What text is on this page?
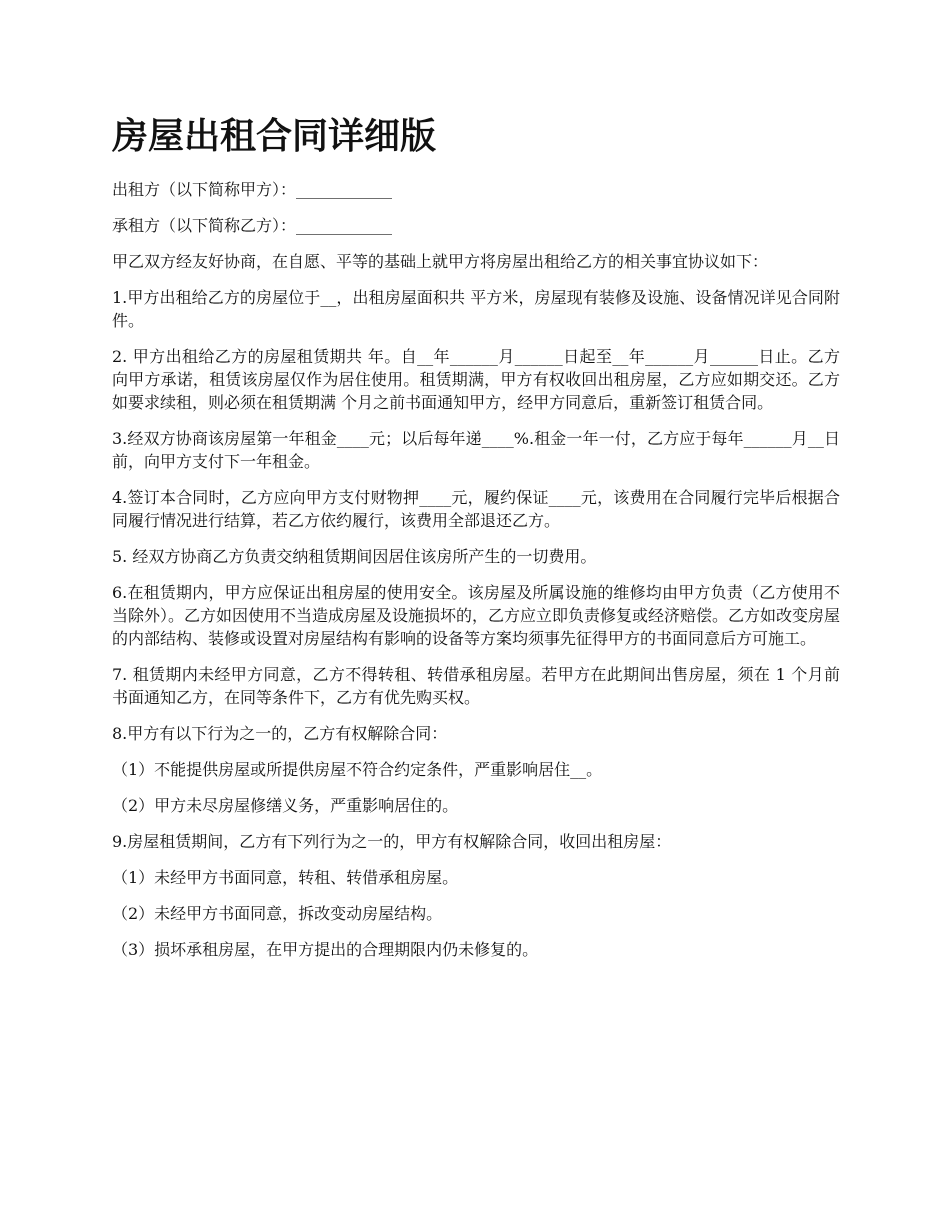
房屋出租合同详细版

出租方（以下简称甲方）：____________

承租方（以下简称乙方）：____________

甲乙双方经友好协商，在自愿、平等的基础上就甲方将房屋出租给乙方的相关事宜协议如下：

1.甲方出租给乙方的房屋位于__，出租房屋面积共 平方米，房屋现有装修及设施、设备情况详见合同附件。

2. 甲方出租给乙方的房屋租赁期共 年。自__年______月______日起至__年______月______日止。乙方向甲方承诺，租赁该房屋仅作为居住使用。租赁期满，甲方有权收回出租房屋，乙方应如期交还。乙方如要求续租，则必须在租赁期满 个月之前书面通知甲方，经甲方同意后，重新签订租赁合同。

3.经双方协商该房屋第一年租金____元；以后每年递____%.租金一年一付，乙方应于每年______月__日前，向甲方支付下一年租金。

4.签订本合同时，乙方应向甲方支付财物押____元，履约保证____元，该费用在合同履行完毕后根据合同履行情况进行结算，若乙方依约履行，该费用全部退还乙方。

5. 经双方协商乙方负责交纳租赁期间因居住该房所产生的一切费用。

6.在租赁期内，甲方应保证出租房屋的使用安全。该房屋及所属设施的维修均由甲方负责（乙方使用不当除外）。乙方如因使用不当造成房屋及设施损坏的，乙方应立即负责修复或经济赔偿。乙方如改变房屋的内部结构、装修或设置对房屋结构有影响的设备等方案均须事先征得甲方的书面同意后方可施工。

7. 租赁期内未经甲方同意，乙方不得转租、转借承租房屋。若甲方在此期间出售房屋，须在 1 个月前书面通知乙方，在同等条件下，乙方有优先购买权。

8.甲方有以下行为之一的，乙方有权解除合同：

（1）不能提供房屋或所提供房屋不符合约定条件，严重影响居住__。

（2）甲方未尽房屋修缮义务，严重影响居住的。

9.房屋租赁期间，乙方有下列行为之一的，甲方有权解除合同，收回出租房屋：

（1）未经甲方书面同意，转租、转借承租房屋。

（2）未经甲方书面同意，拆改变动房屋结构。

（3）损坏承租房屋，在甲方提出的合理期限内仍未修复的。
